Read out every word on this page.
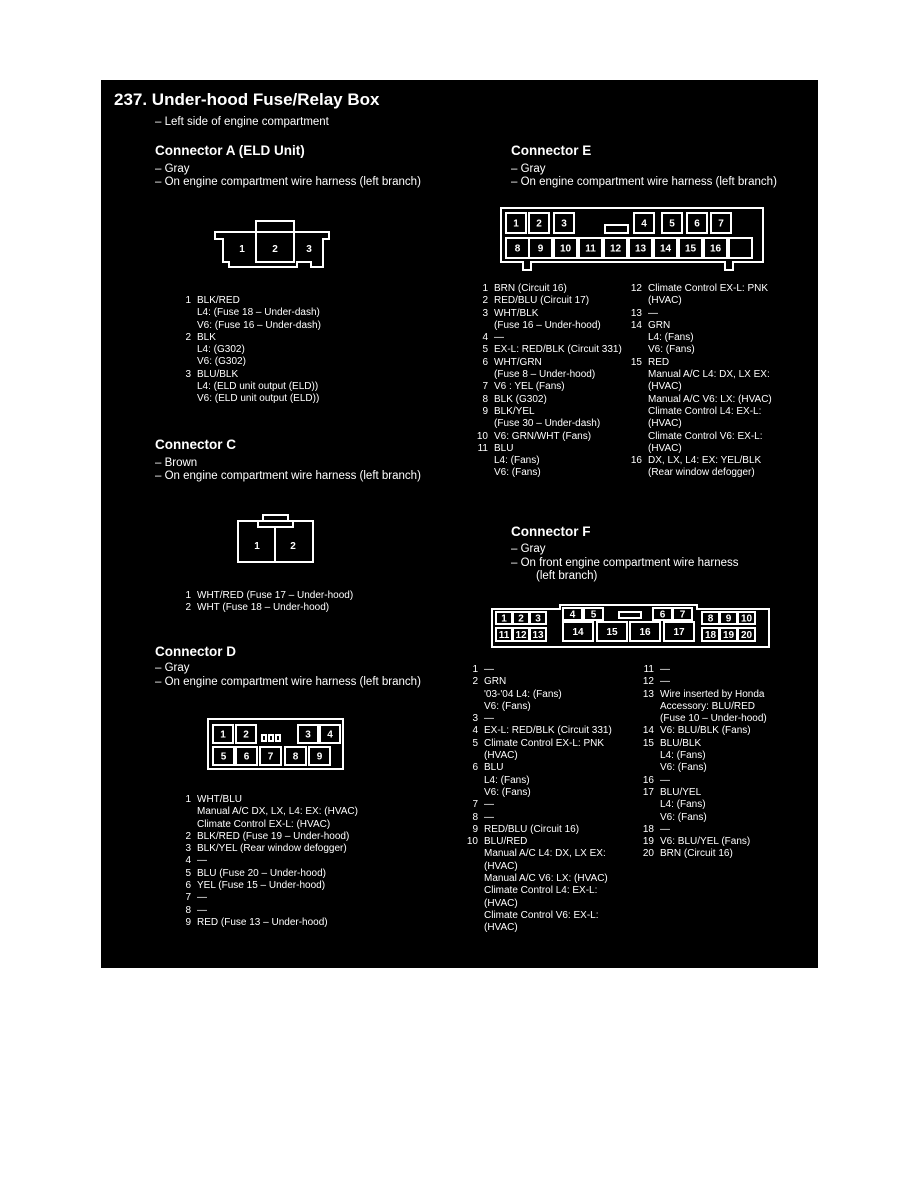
237. Under-hood Fuse/Relay Box
– Left side of engine compartment
Connector A (ELD Unit)
– Gray
– On engine compartment wire harness (left branch)
1	2	3
1 BLK/RED
L4: (Fuse 18 – Under-dash)
V6: (Fuse 16 – Under-dash)
2 BLK
L4: (G302)
V6: (G302)
3 BLU/BLK
L4: (ELD unit output (ELD))
V6: (ELD unit output (ELD))
Connector C
– Brown
– On engine compartment wire harness (left branch)
1	2
1 WHT/RED (Fuse 17 – Under-hood)
2 WHT (Fuse 18 – Under-hood)
Connector D
– Gray
– On engine compartment wire harness (left branch)
1 2	3 4
5 6 7 8 9
1 WHT/BLU
Manual A/C DX, LX, L4: EX: (HVAC)
Climate Control EX-L: (HVAC)
2 BLK/RED (Fuse 19 – Under-hood)
3 BLK/YEL (Rear window defogger)
4 —
5 BLU (Fuse 20 – Under-hood)
6 YEL (Fuse 15 – Under-hood)
7 —
8 —
9 RED (Fuse 13 – Under-hood)
Connector E
– Gray
– On engine compartment wire harness (left branch)
1 2 3	4 5 6 7
8 9 10 11 12 13 14 15 16
1 BRN (Circuit 16)
2 RED/BLU (Circuit 17)
3 WHT/BLK
(Fuse 16 – Under-hood)
4 —
5 EX-L: RED/BLK (Circuit 331)
6 WHT/GRN
(Fuse 8 – Under-hood)
7 V6 : YEL (Fans)
8 BLK (G302)
9 BLK/YEL
(Fuse 30 – Under-dash)
10 V6: GRN/WHT (Fans)
11 BLU
L4: (Fans)
V6: (Fans)
12 Climate Control EX-L: PNK
(HVAC)
13 —
14 GRN
L4: (Fans)
V6: (Fans)
15 RED
Manual A/C L4: DX, LX EX:
(HVAC)
Manual A/C V6: LX: (HVAC)
Climate Control L4: EX-L:
(HVAC)
Climate Control V6: EX-L:
(HVAC)
16 DX, LX, L4: EX: YEL/BLK
(Rear window defogger)
Connector F
– Gray
– On front engine compartment wire harness
(left branch)
1 2 3	4 5	6 7 8 9 10
11 12 13	14 15 16 17 18 19 20
1 —
2 GRN
'03-'04 L4: (Fans)
V6: (Fans)
3 —
4 EX-L: RED/BLK (Circuit 331)
5 Climate Control EX-L: PNK
(HVAC)
6 BLU
L4: (Fans)
V6: (Fans)
7 —
8 —
9 RED/BLU (Circuit 16)
10 BLU/RED
Manual A/C L4: DX, LX EX:
(HVAC)
Manual A/C V6: LX: (HVAC)
Climate Control L4: EX-L:
(HVAC)
Climate Control V6: EX-L:
(HVAC)
11 —
12 —
13 Wire inserted by Honda
Accessory: BLU/RED
(Fuse 10 – Under-hood)
14 V6: BLU/BLK (Fans)
15 BLU/BLK
L4: (Fans)
V6: (Fans)
16 —
17 BLU/YEL
L4: (Fans)
V6: (Fans)
18 —
19 V6: BLU/YEL (Fans)
20 BRN (Circuit 16)
